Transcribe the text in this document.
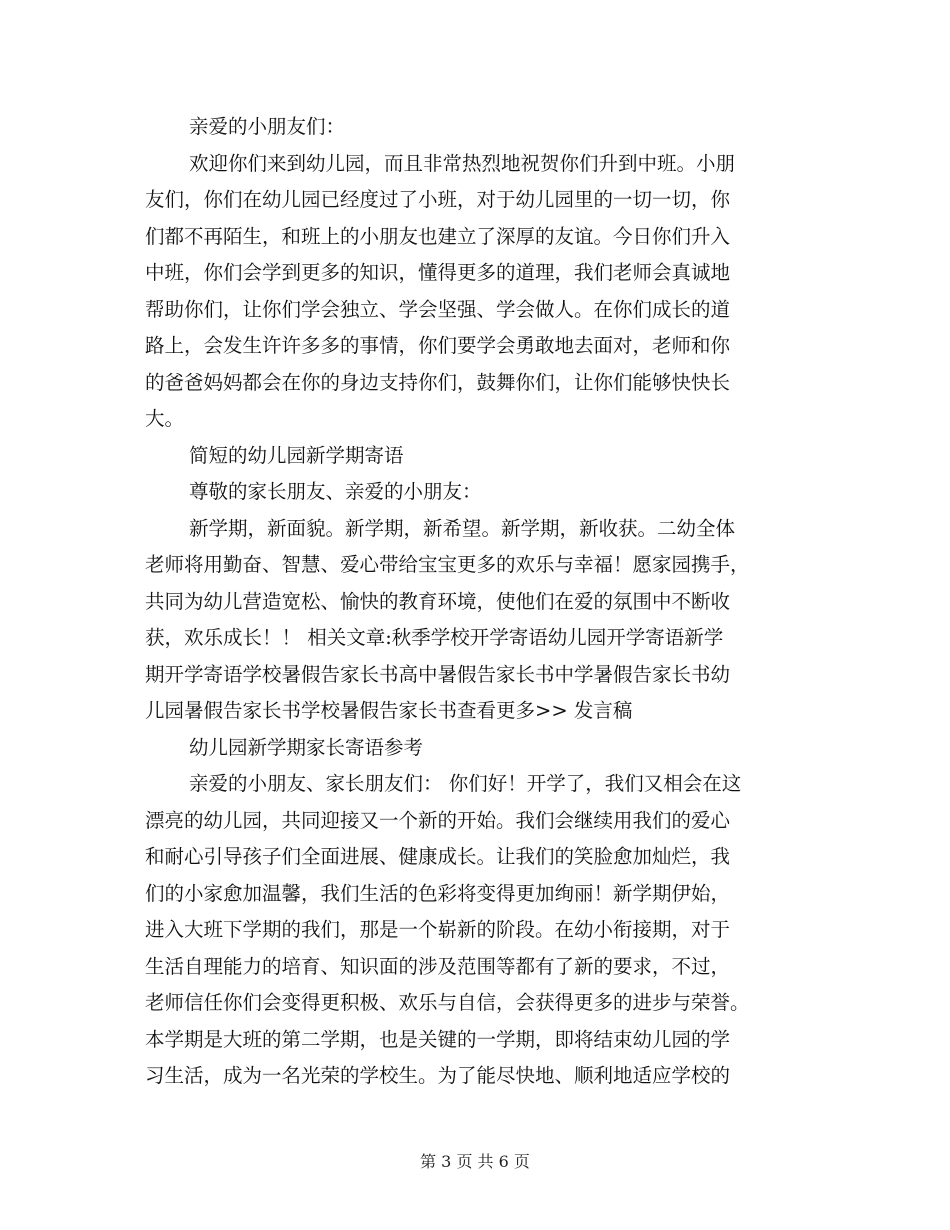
亲爱的小朋友们：
欢迎你们来到幼儿园，而且非常热烈地祝贺你们升到中班。小朋
友们，你们在幼儿园已经度过了小班，对于幼儿园里的一切一切，你
们都不再陌生，和班上的小朋友也建立了深厚的友谊。今日你们升入
中班，你们会学到更多的知识，懂得更多的道理，我们老师会真诚地
帮助你们，让你们学会独立、学会坚强、学会做人。在你们成长的道
路上，会发生许许多多的事情，你们要学会勇敢地去面对，老师和你
的爸爸妈妈都会在你的身边支持你们，鼓舞你们，让你们能够快快长
大。
简短的幼儿园新学期寄语
尊敬的家长朋友、亲爱的小朋友：
新学期，新面貌。新学期，新希望。新学期，新收获。二幼全体
老师将用勤奋、智慧、爱心带给宝宝更多的欢乐与幸福！愿家园携手，
共同为幼儿营造宽松、愉快的教育环境，使他们在爱的氛围中不断收
获，欢乐成长！！ 相关文章:秋季学校开学寄语幼儿园开学寄语新学
期开学寄语学校暑假告家长书高中暑假告家长书中学暑假告家长书幼
儿园暑假告家长书学校暑假告家长书查看更多>> 发言稿
幼儿园新学期家长寄语参考
亲爱的小朋友、家长朋友们： 你们好！开学了，我们又相会在这
漂亮的幼儿园，共同迎接又一个新的开始。我们会继续用我们的爱心
和耐心引导孩子们全面进展、健康成长。让我们的笑脸愈加灿烂，我
们的小家愈加温馨，我们生活的色彩将变得更加绚丽！新学期伊始，
进入大班下学期的我们，那是一个崭新的阶段。在幼小衔接期，对于
生活自理能力的培育、知识面的涉及范围等都有了新的要求，不过，
老师信任你们会变得更积极、欢乐与自信，会获得更多的进步与荣誉。
本学期是大班的第二学期，也是关键的一学期，即将结束幼儿园的学
习生活，成为一名光荣的学校生。为了能尽快地、顺利地适应学校的
第 3 页 共 6 页
